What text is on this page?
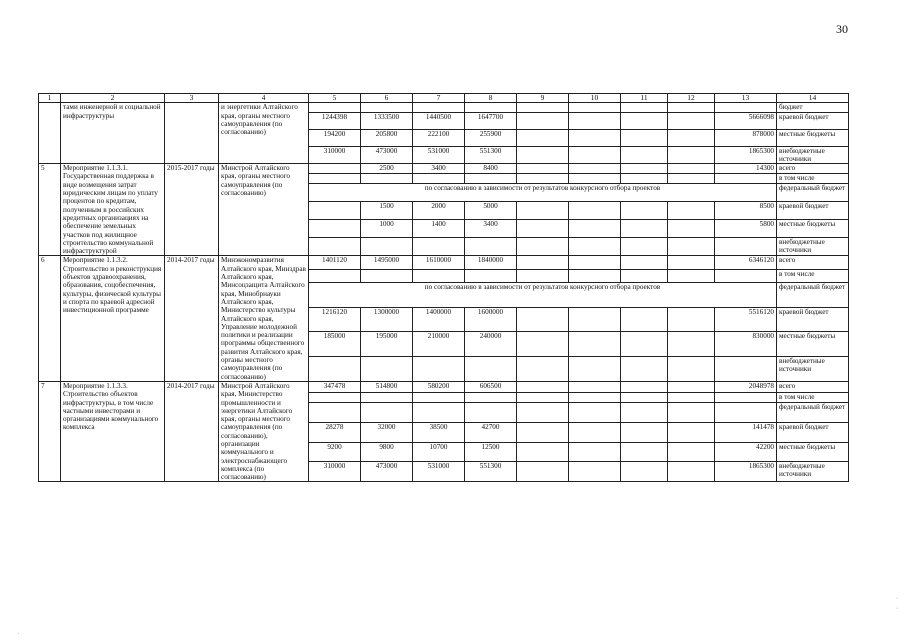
30
1	2	3	4	5	6	7	8	9	10	11	12	13	14
	тами инженерной и социальной инфраструктуры		и энергетики Алтайского края, органы местного самоуправления (по согласованию)										бюджет
				1244398	1333500	1440500	1647700					5666098	краевой бюджет
				194200	205800	222100	255900					878000	местные бюджеты
				310000	473000	531000	551300					1865300	внебюджетные источники
5	Мероприятие 1.1.3.1. Государственная поддержка в виде возмещения затрат юридическим лицам по уплату процентов по кредитам, полученным в российских кредитных организациях на обеспечение земельных участков под жилищное строительство коммунальной инфраструктурой	2015-2017 годы	Минстрой Алтайского края, органы местного самоуправления (по согласованию)		2500	3400	8400					14300	всего
													в том числе
				по согласованию в зависимости от результатов конкурсного отбора проектов									федеральный бюджет
					1500	2000	5000					8500	краевой бюджет
					1000	1400	3400					5800	местные бюджеты
													внебюджетные источники
6	Мероприятие 1.1.3.2. Строительство и реконструкция объектов здравоохранения, образования, соцобеспечения, культуры, физической культуры и спорта по краевой адресной инвестиционной программе	2014-2017 годы	Минэкономразвития Алтайского края, Минздрав Алтайского края, Минсоцзащита Алтайского края, Минобрнауки Алтайского края, Министерство культуры Алтайского края, Управление молодежной политики и реализации программы общественного развития Алтайского края, органы местного самоуправления (по согласованию)	1401120	1495000	1610000	1840000					6346120	всего
													в том числе
				по согласованию в зависимости от результатов конкурсного отбора проектов									федеральный бюджет
				1216120	1300000	1400000	1600000					5516120	краевой бюджет
				185000	195000	210000	240000					830000	местные бюджеты
													внебюджетные источники
7	Мероприятие 1.1.3.3. Строительство объектов инфраструктуры, в том числе частными инвесторами и организациями коммунального комплекса	2014-2017 годы	Минстрой Алтайского края, Министерство промышленности и энергетики Алтайского края, органы местного самоуправления (по согласованию), организации коммунального и электроснабжающего комплекса (по согласованию)	347478	514800	580200	606500					2048978	всего
													в том числе
													федеральный бюджет
				28278	32000	38500	42700					141478	краевой бюджет
				9200	9800	10700	12500					42200	местные бюджеты
				310000	473000	531000	551300					1865300	внебюджетные источники
·
·
.
